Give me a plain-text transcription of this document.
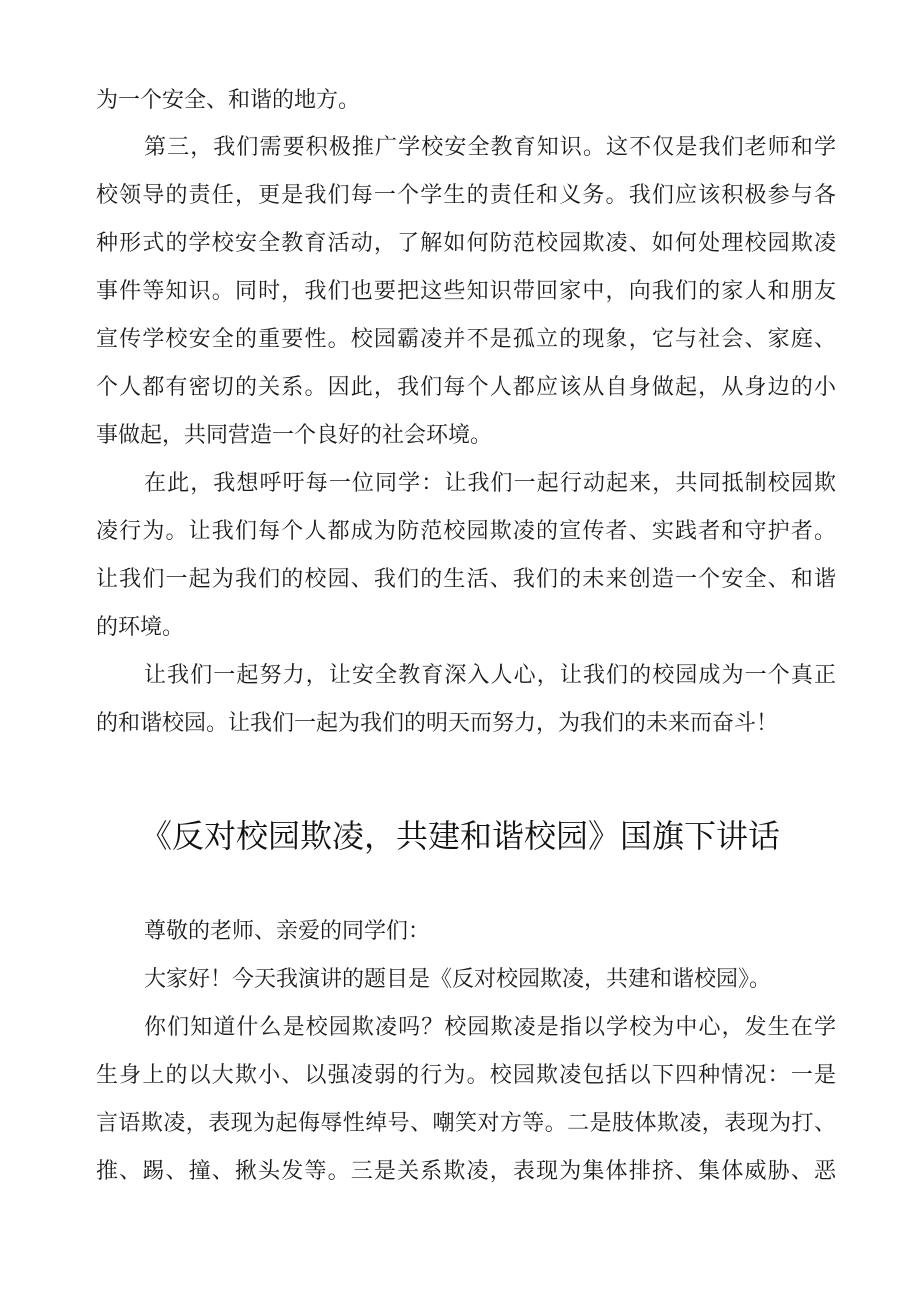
为一个安全、和谐的地方。
第三，我们需要积极推广学校安全教育知识。这不仅是我们老师和学
校领导的责任，更是我们每一个学生的责任和义务。我们应该积极参与各
种形式的学校安全教育活动，了解如何防范校园欺凌、如何处理校园欺凌
事件等知识。同时，我们也要把这些知识带回家中，向我们的家人和朋友
宣传学校安全的重要性。校园霸凌并不是孤立的现象，它与社会、家庭、
个人都有密切的关系。因此，我们每个人都应该从自身做起，从身边的小
事做起，共同营造一个良好的社会环境。
在此，我想呼吁每一位同学：让我们一起行动起来，共同抵制校园欺
凌行为。让我们每个人都成为防范校园欺凌的宣传者、实践者和守护者。
让我们一起为我们的校园、我们的生活、我们的未来创造一个安全、和谐
的环境。
让我们一起努力，让安全教育深入人心，让我们的校园成为一个真正
的和谐校园。让我们一起为我们的明天而努力，为我们的未来而奋斗！
《反对校园欺凌，共建和谐校园》国旗下讲话
尊敬的老师、亲爱的同学们：
大家好！今天我演讲的题目是《反对校园欺凌，共建和谐校园》。
你们知道什么是校园欺凌吗？校园欺凌是指以学校为中心，发生在学
生身上的以大欺小、以强凌弱的行为。校园欺凌包括以下四种情况：一是
言语欺凌，表现为起侮辱性绰号、嘲笑对方等。二是肢体欺凌，表现为打、
推、踢、撞、揪头发等。三是关系欺凌，表现为集体排挤、集体威胁、恶
